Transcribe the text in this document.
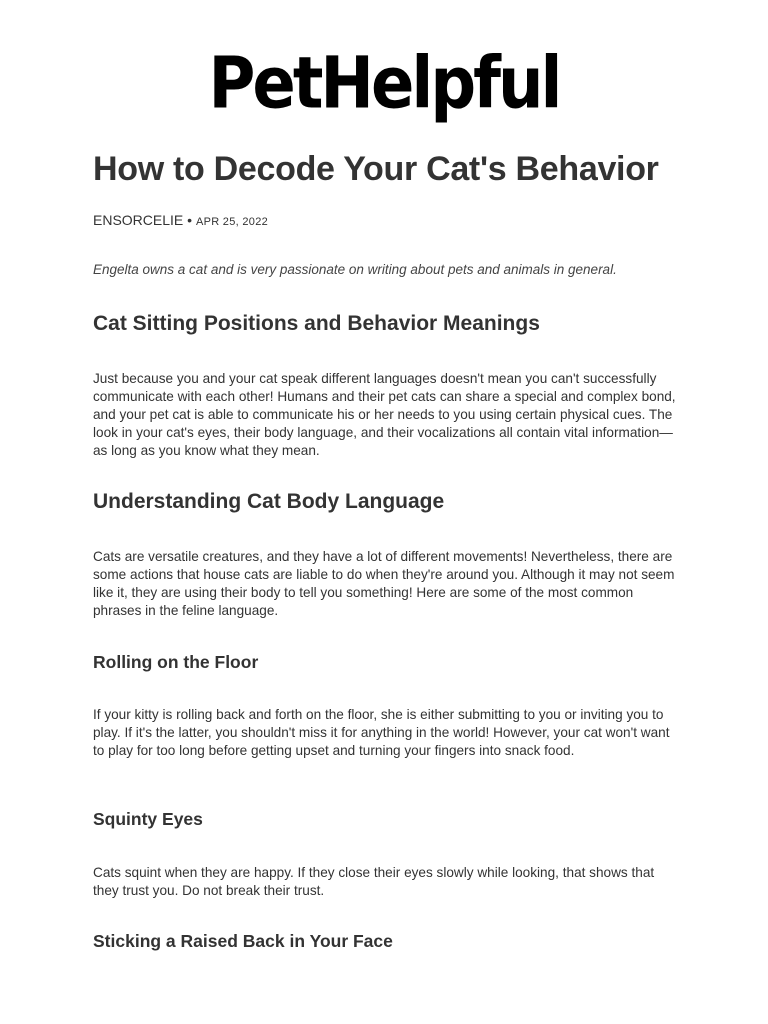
PetHelpful
How to Decode Your Cat's Behavior
ENSORCELIE • APR 25, 2022

Engelta owns a cat and is very passionate on writing about pets and animals in general.

Cat Sitting Positions and Behavior Meanings

Just because you and your cat speak different languages doesn't mean you can't successfully communicate with each other! Humans and their pet cats can share a special and complex bond, and your pet cat is able to communicate his or her needs to you using certain physical cues. The look in your cat's eyes, their body language, and their vocalizations all contain vital information—as long as you know what they mean.

Understanding Cat Body Language

Cats are versatile creatures, and they have a lot of different movements! Nevertheless, there are some actions that house cats are liable to do when they're around you. Although it may not seem like it, they are using their body to tell you something! Here are some of the most common phrases in the feline language.

Rolling on the Floor

If your kitty is rolling back and forth on the floor, she is either submitting to you or inviting you to play. If it's the latter, you shouldn't miss it for anything in the world! However, your cat won't want to play for too long before getting upset and turning your fingers into snack food.

Squinty Eyes

Cats squint when they are happy. If they close their eyes slowly while looking, that shows that they trust you. Do not break their trust.

Sticking a Raised Back in Your Face
